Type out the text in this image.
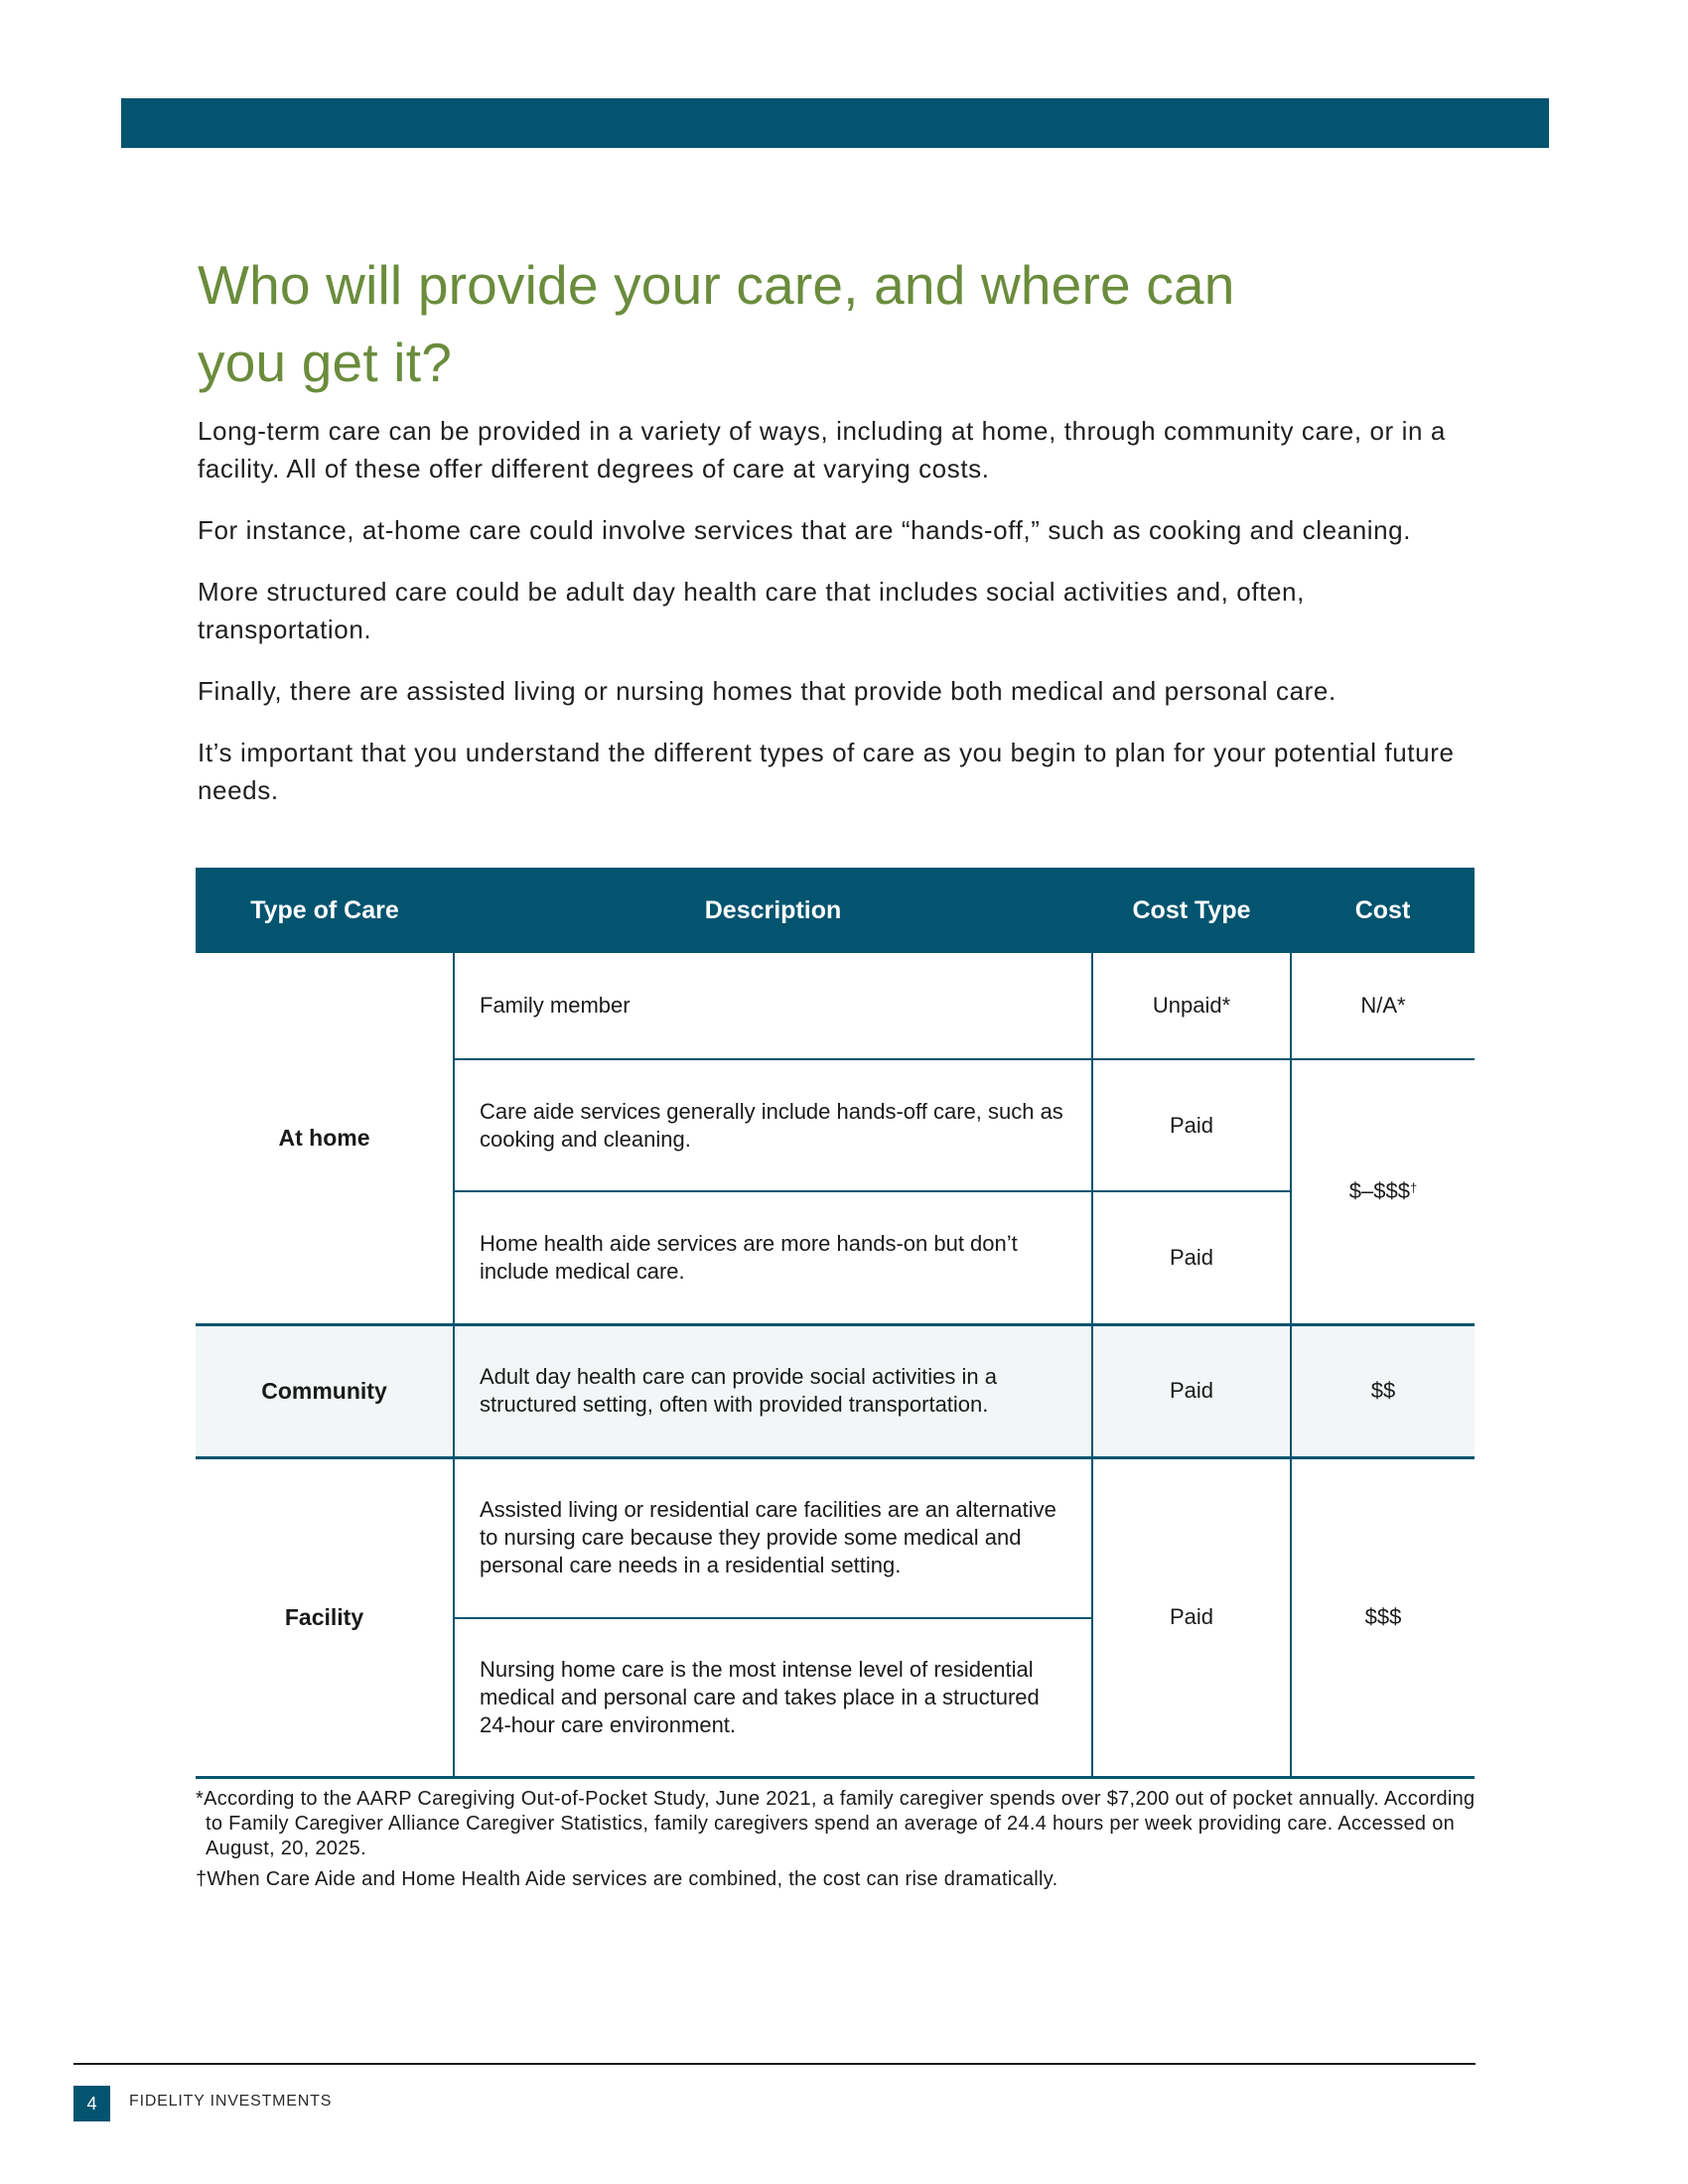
Who will provide your care, and where can
you get it?

Long-term care can be provided in a variety of ways, including at home, through community care, or in a facility. All of these offer different degrees of care at varying costs.

For instance, at-home care could involve services that are “hands-off,” such as cooking and cleaning.

More structured care could be adult day health care that includes social activities and, often, transportation.

Finally, there are assisted living or nursing homes that provide both medical and personal care.

It’s important that you understand the different types of care as you begin to plan for your potential future needs.

Type of Care	Description	Cost Type	Cost
At home	Family member	Unpaid*	N/A*
	Care aide services generally include hands-off care, such as cooking and cleaning.	Paid	$–$$$†
	Home health aide services are more hands-on but don’t include medical care.	Paid	
Community	Adult day health care can provide social activities in a structured setting, often with provided transportation.	Paid	$$
Facility	Assisted living or residential care facilities are an alternative to nursing care because they provide some medical and personal care needs in a residential setting.	Paid	$$$
	Nursing home care is the most intense level of residential medical and personal care and takes place in a structured 24-hour care environment.		

*According to the AARP Caregiving Out-of-Pocket Study, June 2021, a family caregiver spends over $7,200 out of pocket annually. According to Family Caregiver Alliance Caregiver Statistics, family caregivers spend an average of 24.4 hours per week providing care. Accessed on August, 20, 2025.

†When Care Aide and Home Health Aide services are combined, the cost can rise dramatically.

4	FIDELITY INVESTMENTS
